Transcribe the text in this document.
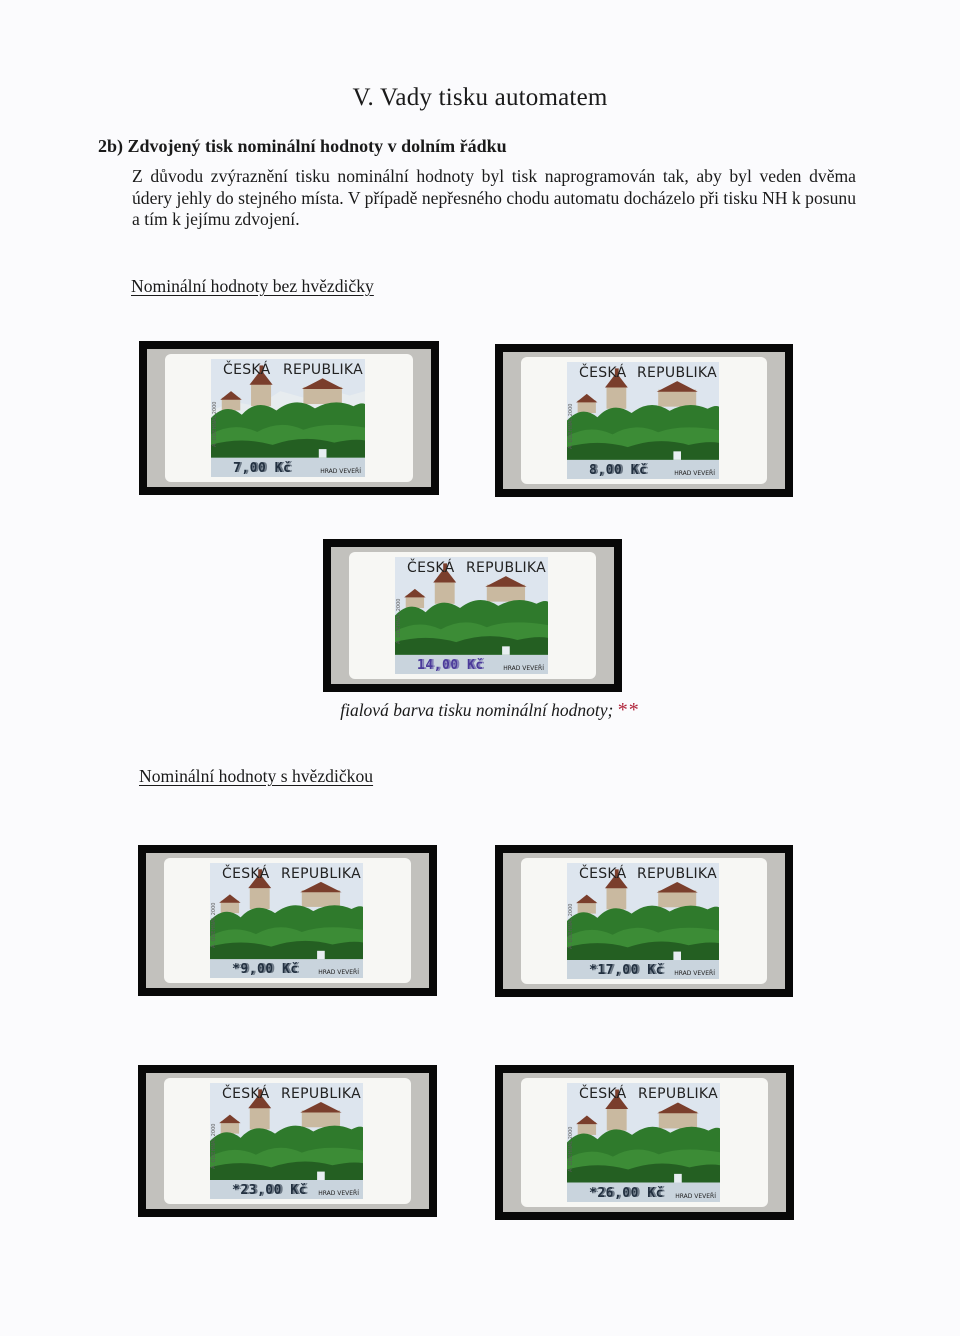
V. Vady tisku automatem
2b) Zdvojený tisk nominální hodnoty v dolním řádku
Z důvodu zvýraznění tisku nominální hodnoty byl tisk naprogramován tak, aby byl veden dvěma údery jehly do stejného místa. V případě nepřesného chodu automatu docházelo při tisku NH k posunu a tím k jejímu zdvojení.
Nominální hodnoty bez hvězdičky
A. ODEHNAL 2000
ČESKÁ REPUBLIKA
7,00 Kč	HRAD VEVEŘÍ
A. ODEHNAL 2000
ČESKÁ REPUBLIKA
8,00 Kč	HRAD VEVEŘÍ
A. ODEHNAL 2000
ČESKÁ REPUBLIKA
14,00 Kč	HRAD VEVEŘÍ
fialová barva tisku nominální hodnoty; **
Nominální hodnoty s hvězdičkou
A. ODEHNAL 2000
ČESKÁ REPUBLIKA
*9,00 Kč	HRAD VEVEŘÍ
A. ODEHNAL 2000
ČESKÁ REPUBLIKA
*17,00 Kč HRAD VEVEŘÍ
A. ODEHNAL 2000
ČESKÁ REPUBLIKA
*23,00 Kč HRAD VEVEŘÍ
A. ODEHNAL 2000
ČESKÁ REPUBLIKA
*26,00 Kč HRAD VEVEŘÍ
